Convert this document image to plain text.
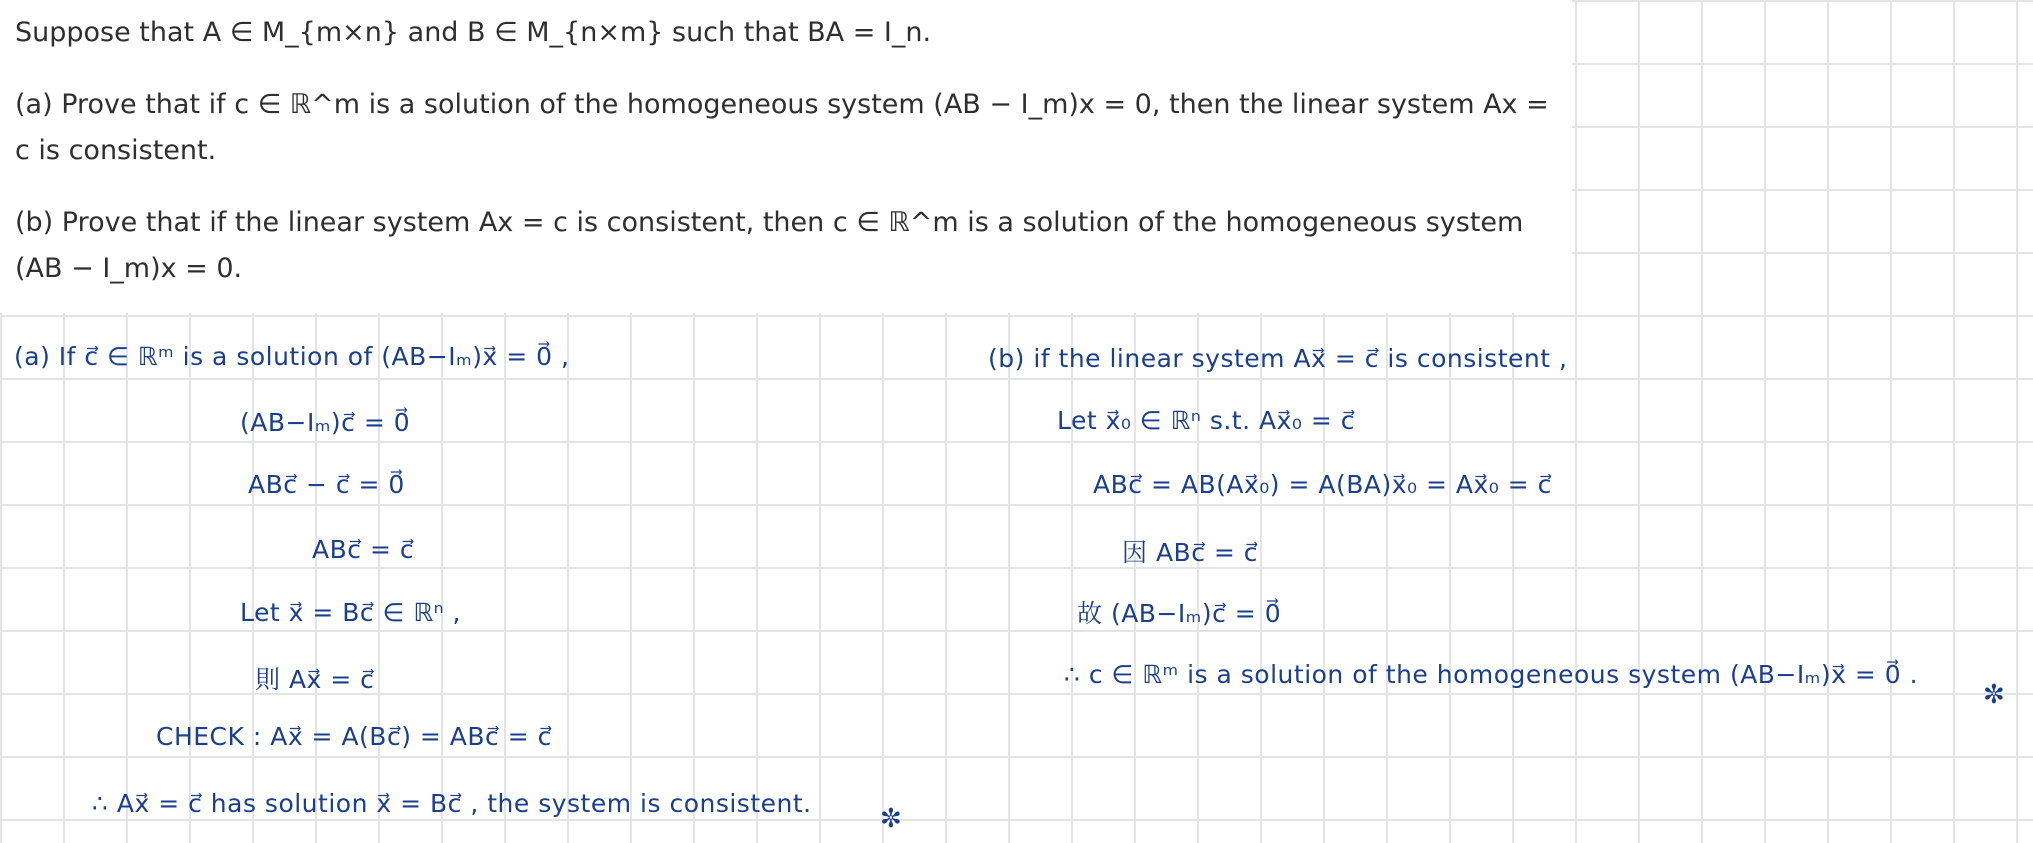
Suppose that A ∈ M_{m×n} and B ∈ M_{n×m} such that BA = I_n.

(a) Prove that if c ∈ ℝ^m is a solution of the homogeneous system (AB − I_m)x = 0, then the linear system Ax = c is consistent.

(b) Prove that if the linear system Ax = c is consistent, then c ∈ ℝ^m is a solution of the homogeneous system (AB − I_m)x = 0.

(a) If c⃗ ∈ ℝᵐ is a solution of (AB−Iₘ)x⃗ = 0⃗ ,
(AB−Iₘ)c⃗ = 0⃗
ABc⃗ − c⃗ = 0⃗
ABc⃗ = c⃗
Let x⃗ = Bc⃗ ∈ ℝⁿ ,
則 Ax⃗ = c⃗
CHECK : Ax⃗ = A(Bc⃗) = ABc⃗ = c⃗
∴ Ax⃗ = c⃗ has solution x⃗ = Bc⃗ , the system is consistent.
✼
(b) if the linear system Ax⃗ = c⃗ is consistent ,
Let x⃗₀ ∈ ℝⁿ s.t. Ax⃗₀ = c⃗
ABc⃗ = AB(Ax⃗₀) = A(BA)x⃗₀ = Ax⃗₀ = c⃗
因 ABc⃗ = c⃗
故 (AB−Iₘ)c⃗ = 0⃗
∴ c ∈ ℝᵐ is a solution of the homogeneous system (AB−Iₘ)x⃗ = 0⃗ .
✼
